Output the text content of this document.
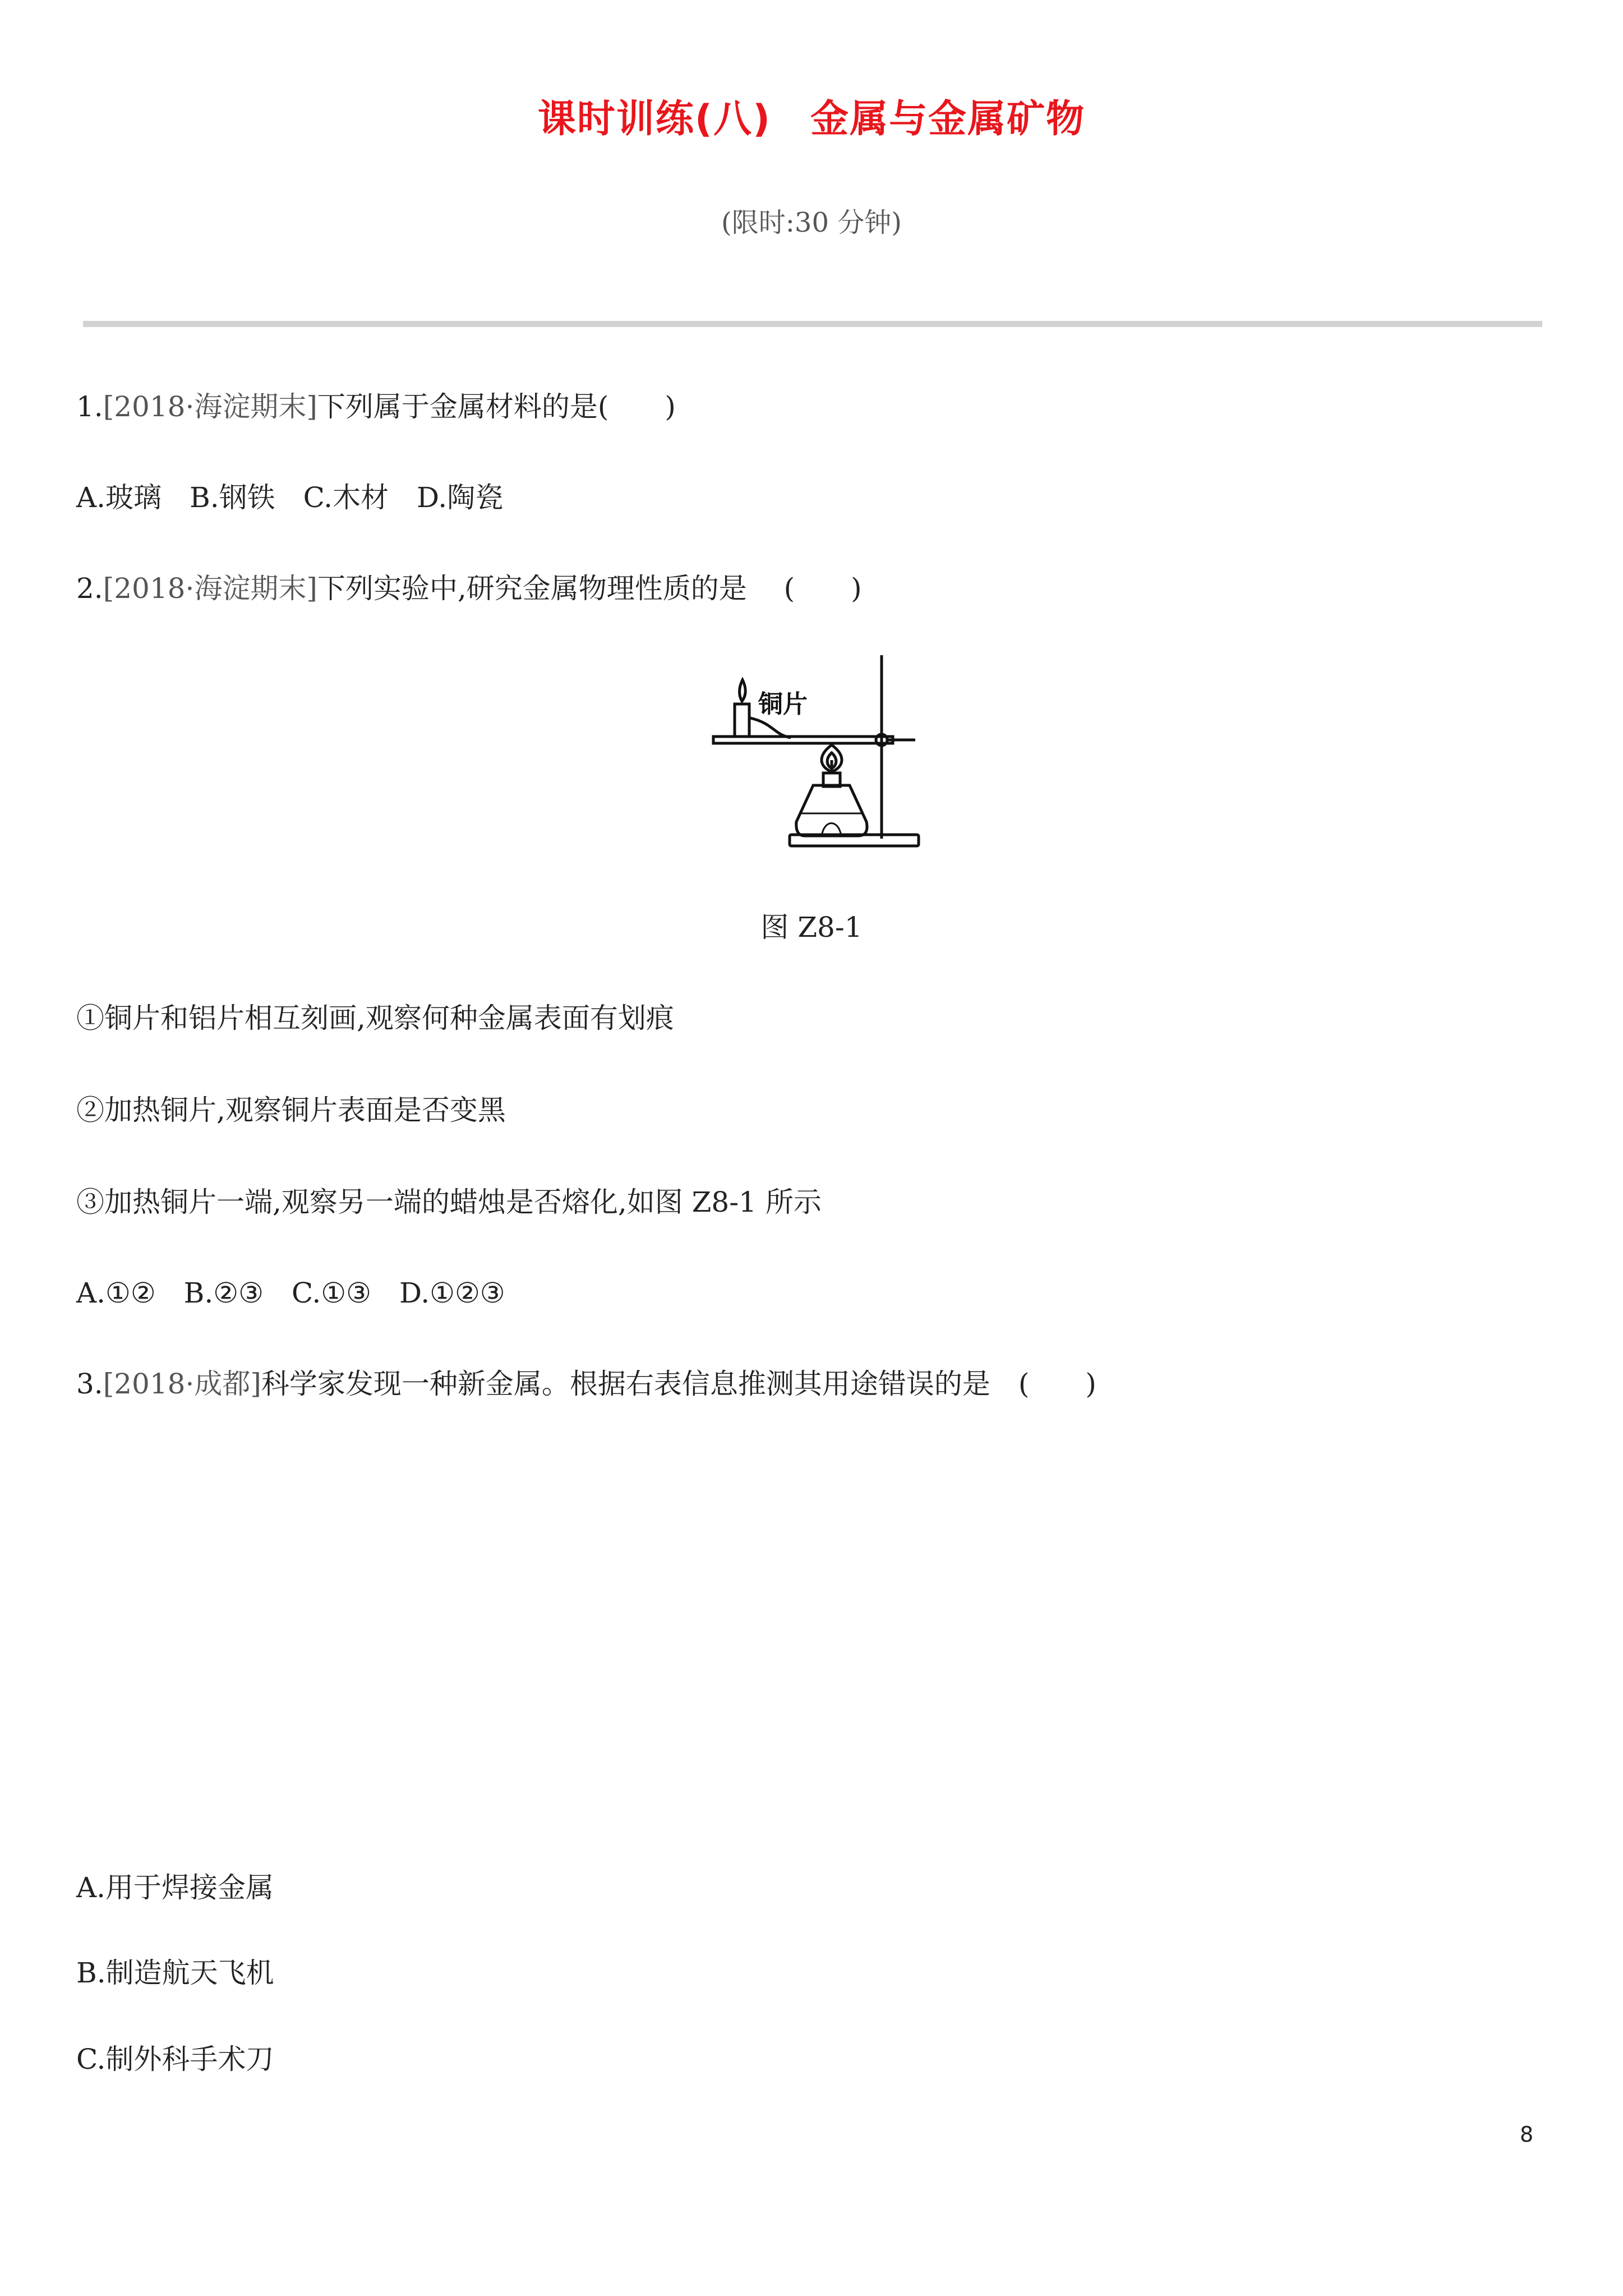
课时训练(八)　金属与金属矿物
(限时:30 分钟)
1.[2018·海淀期末]下列属于金属材料的是(　　)
A.玻璃　B.钢铁　C.木材　D.陶瓷
2.[2018·海淀期末]下列实验中,研究金属物理性质的是　 (　　)
铜片
图 Z8-1
①铜片和铝片相互刻画,观察何种金属表面有划痕
②加热铜片,观察铜片表面是否变黑
③加热铜片一端,观察另一端的蜡烛是否熔化,如图 Z8-1 所示
A.①②　B.②③　C.①③　D.①②③
3.[2018·成都]科学家发现一种新金属。根据右表信息推测其用途错误的是　(　　)
A.用于焊接金属
B.制造航天飞机
C.制外科手术刀
8
